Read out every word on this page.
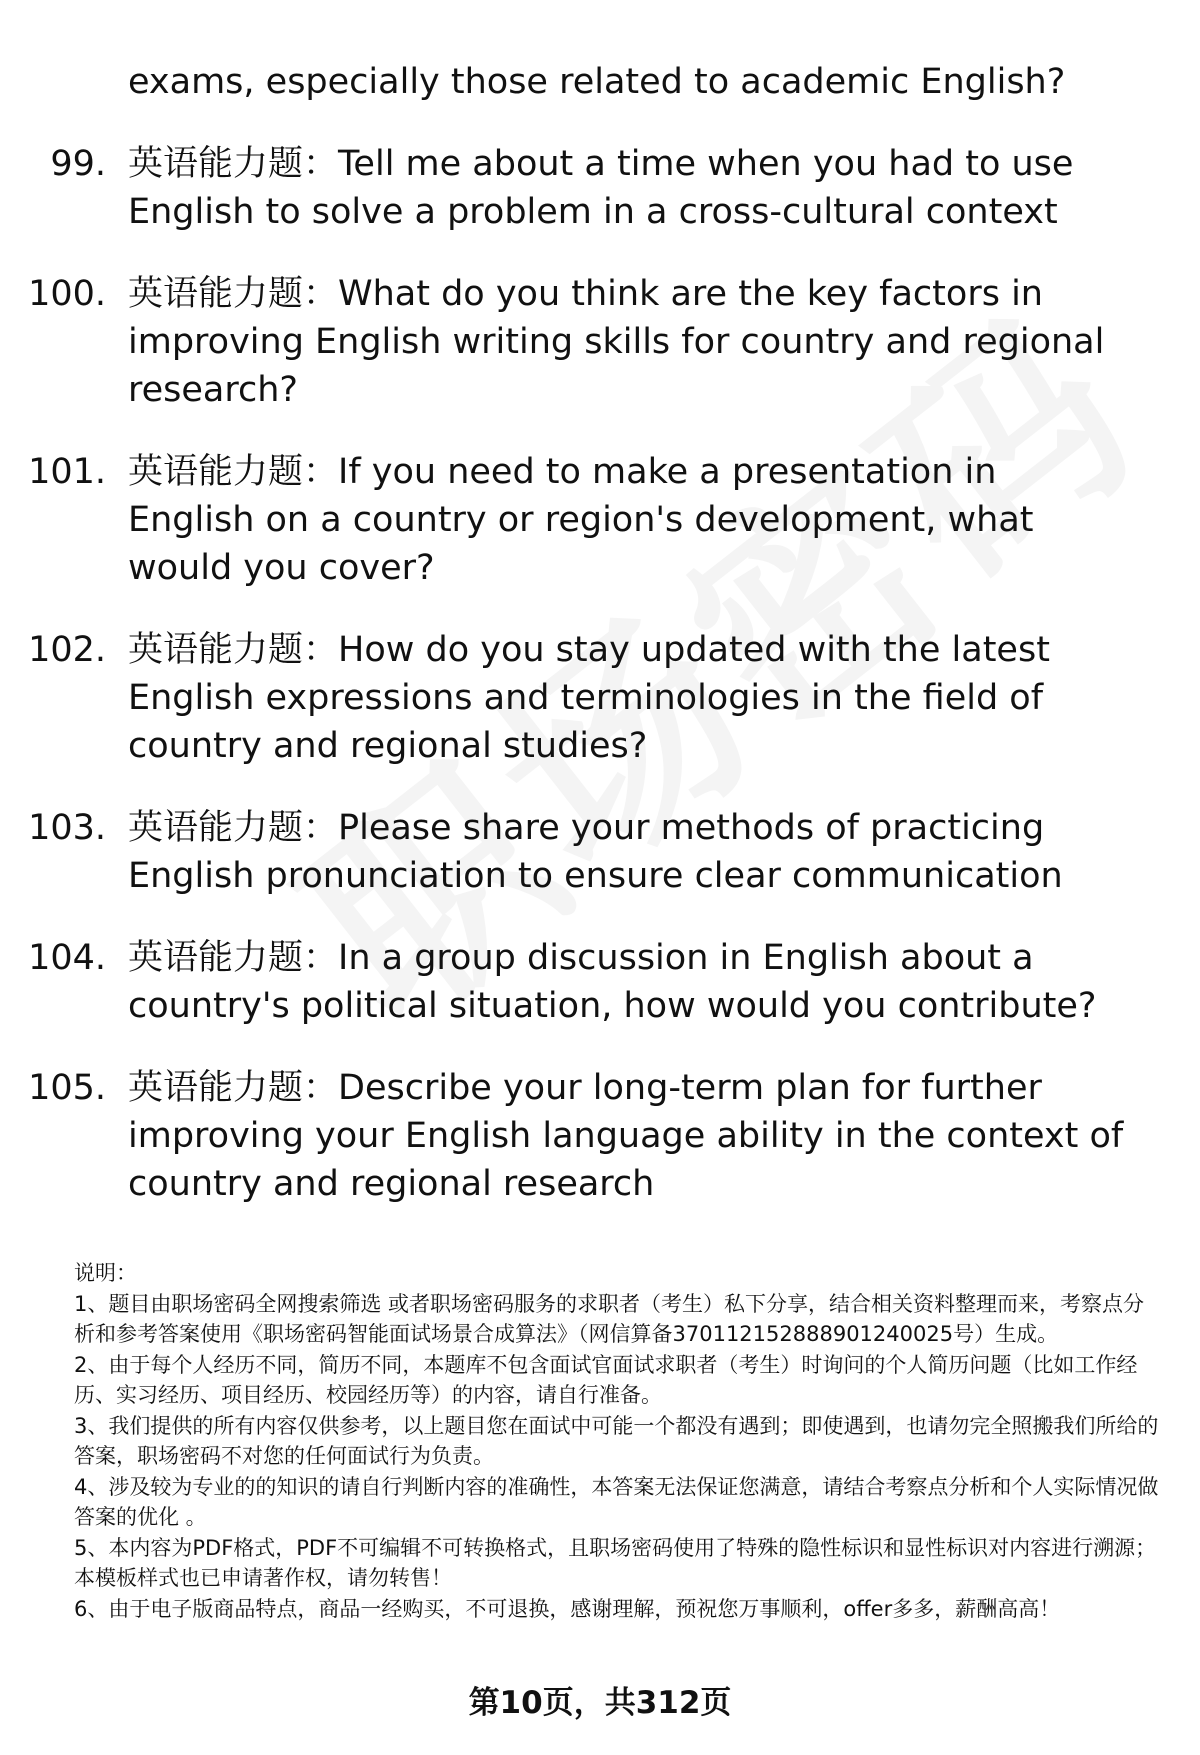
exams, especially those related to academic English?
99. 英语能力题：Tell me about a time when you had to use English to solve a problem in a cross-cultural context
100. 英语能力题：What do you think are the key factors in improving English writing skills for country and regional research?
101. 英语能力题：If you need to make a presentation in English on a country or region's development, what would you cover?
102. 英语能力题：How do you stay updated with the latest English expressions and terminologies in the field of country and regional studies?
103. 英语能力题：Please share your methods of practicing English pronunciation to ensure clear communication
104. 英语能力题：In a group discussion in English about a country's political situation, how would you contribute?
105. 英语能力题：Describe your long-term plan for further improving your English language ability in the context of country and regional research

说明：

1、题目由职场密码全网搜索筛选 或者职场密码服务的求职者（考生）私下分享，结合相关资料整理而来，考察点分析和参考答案使用《职场密码智能面试场景合成算法》（网信算备370112152888901240025号）生成。

2、由于每个人经历不同，简历不同，本题库不包含面试官面试求职者（考生）时询问的个人简历问题（比如工作经历、实习经历、项目经历、校园经历等）的内容，请自行准备。

3、我们提供的所有内容仅供参考，以上题目您在面试中可能一个都没有遇到；即使遇到，也请勿完全照搬我们所给的答案，职场密码不对您的任何面试行为负责。

4、涉及较为专业的的知识的请自行判断内容的准确性，本答案无法保证您满意，请结合考察点分析和个人实际情况做答案的优化 。

5、本内容为PDF格式，PDF不可编辑不可转换格式，且职场密码使用了特殊的隐性标识和显性标识对内容进行溯源；本模板样式也已申请著作权，请勿转售！

6、由于电子版商品特点，商品一经购买，不可退换，感谢理解，预祝您万事顺利，offer多多，薪酬高高！

第10页，共312页
